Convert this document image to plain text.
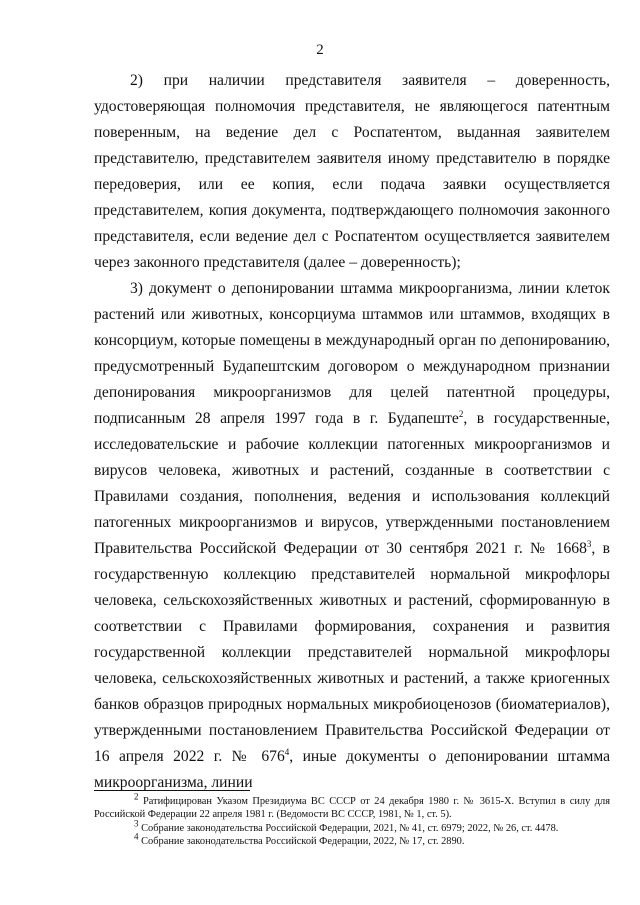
2

2) при наличии представителя заявителя – доверенность, удостоверяющая полномочия представителя, не являющегося патентным поверенным, на ведение дел с Роспатентом, выданная заявителем представителю, представителем заявителя иному представителю в порядке передоверия, или ее копия, если подача заявки осуществляется представителем, копия документа, подтверждающего полномочия законного представителя, если ведение дел с Роспатентом осуществляется заявителем через законного представителя (далее – доверенность);

3) документ о депонировании штамма микроорганизма, линии клеток растений или животных, консорциума штаммов или штаммов, входящих в консорциум, которые помещены в международный орган по депонированию, предусмотренный Будапештским договором о международном признании депонирования микроорганизмов для целей патентной процедуры, подписанным 28 апреля 1997 года в г. Будапеште$^2$, в государственные, исследовательские и рабочие коллекции патогенных микроорганизмов и вирусов человека, животных и растений, созданные в соответствии с Правилами создания, пополнения, ведения и использования коллекций патогенных микроорганизмов и вирусов, утвержденными постановлением Правительства Российской Федерации от 30 сентября 2021 г. № 1668$^3$, в государственную коллекцию представителей нормальной микрофлоры человека, сельскохозяйственных животных и растений, сформированную в соответствии с Правилами формирования, сохранения и развития государственной коллекции представителей нормальной микрофлоры человека, сельскохозяйственных животных и растений, а также криогенных банков образцов природных нормальных микробиоценозов (биоматериалов), утвержденными постановлением Правительства Российской Федерации от 16 апреля 2022 г. № $676^4$, иные документы о депонировании штамма микроорганизма, линии

$^2$ Ратифицирован Указом Президиума ВС СССР от 24 декабря 1980 г. № 3615-X. Вступил в силу для Российской Федерации 22 апреля 1981 г. (Ведомости ВС СССР, 1981, № 1, ст. 5).

$^3$ Собрание законодательства Российской Федерации, 2021, № 41, ст. 6979; 2022, № 26, ст. 4478.

$^4$ Собрание законодательства Российской Федерации, 2022, № 17, ст. 2890.
